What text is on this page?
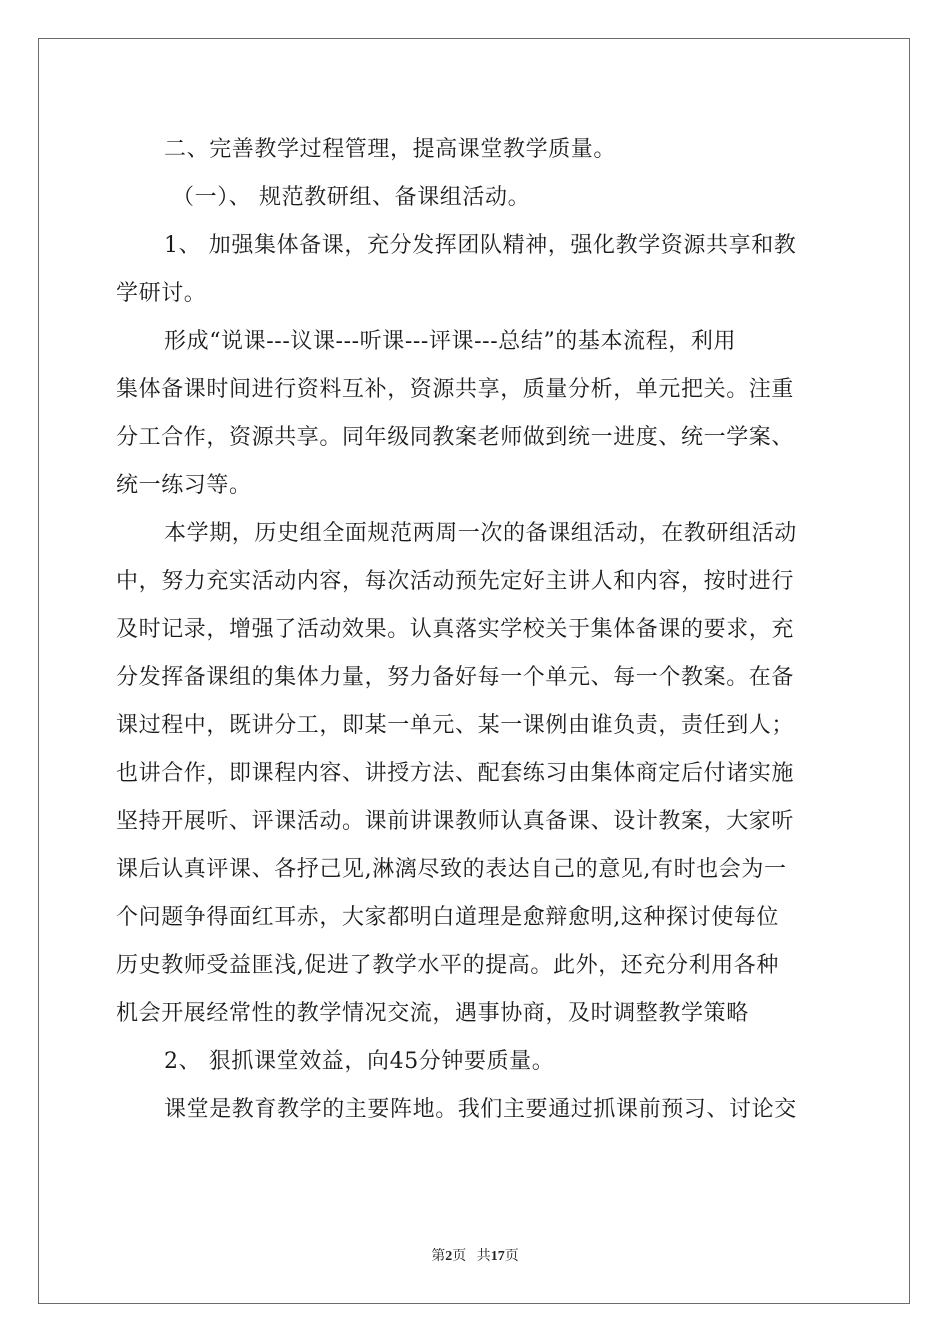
二、完善教学过程管理，提高课堂教学质量。
（一）、 规范教研组、备课组活动。
1、 加强集体备课，充分发挥团队精神，强化教学资源共享和教
学研讨。
形成“说课---议课---听课---评课---总结”的基本流程，利用
集体备课时间进行资料互补，资源共享，质量分析，单元把关。注重
分工合作，资源共享。同年级同教案老师做到统一进度、统一学案、
统一练习等。
本学期，历史组全面规范两周一次的备课组活动，在教研组活动
中，努力充实活动内容，每次活动预先定好主讲人和内容，按时进行
及时记录，增强了活动效果。认真落实学校关于集体备课的要求，充
分发挥备课组的集体力量，努力备好每一个单元、每一个教案。在备
课过程中，既讲分工，即某一单元、某一课例由谁负责，责任到人；
也讲合作，即课程内容、讲授方法、配套练习由集体商定后付诸实施
坚持开展听、评课活动。课前讲课教师认真备课、设计教案，大家听
课后认真评课、各抒己见,淋漓尽致的表达自己的意见,有时也会为一
个问题争得面红耳赤，大家都明白道理是愈辩愈明,这种探讨使每位
历史教师受益匪浅,促进了教学水平的提高。此外，还充分利用各种
机会开展经常性的教学情况交流，遇事协商，及时调整教学策略
2、 狠抓课堂效益，向45分钟要质量。
课堂是教育教学的主要阵地。我们主要通过抓课前预习、讨论交
第2页 共17页
